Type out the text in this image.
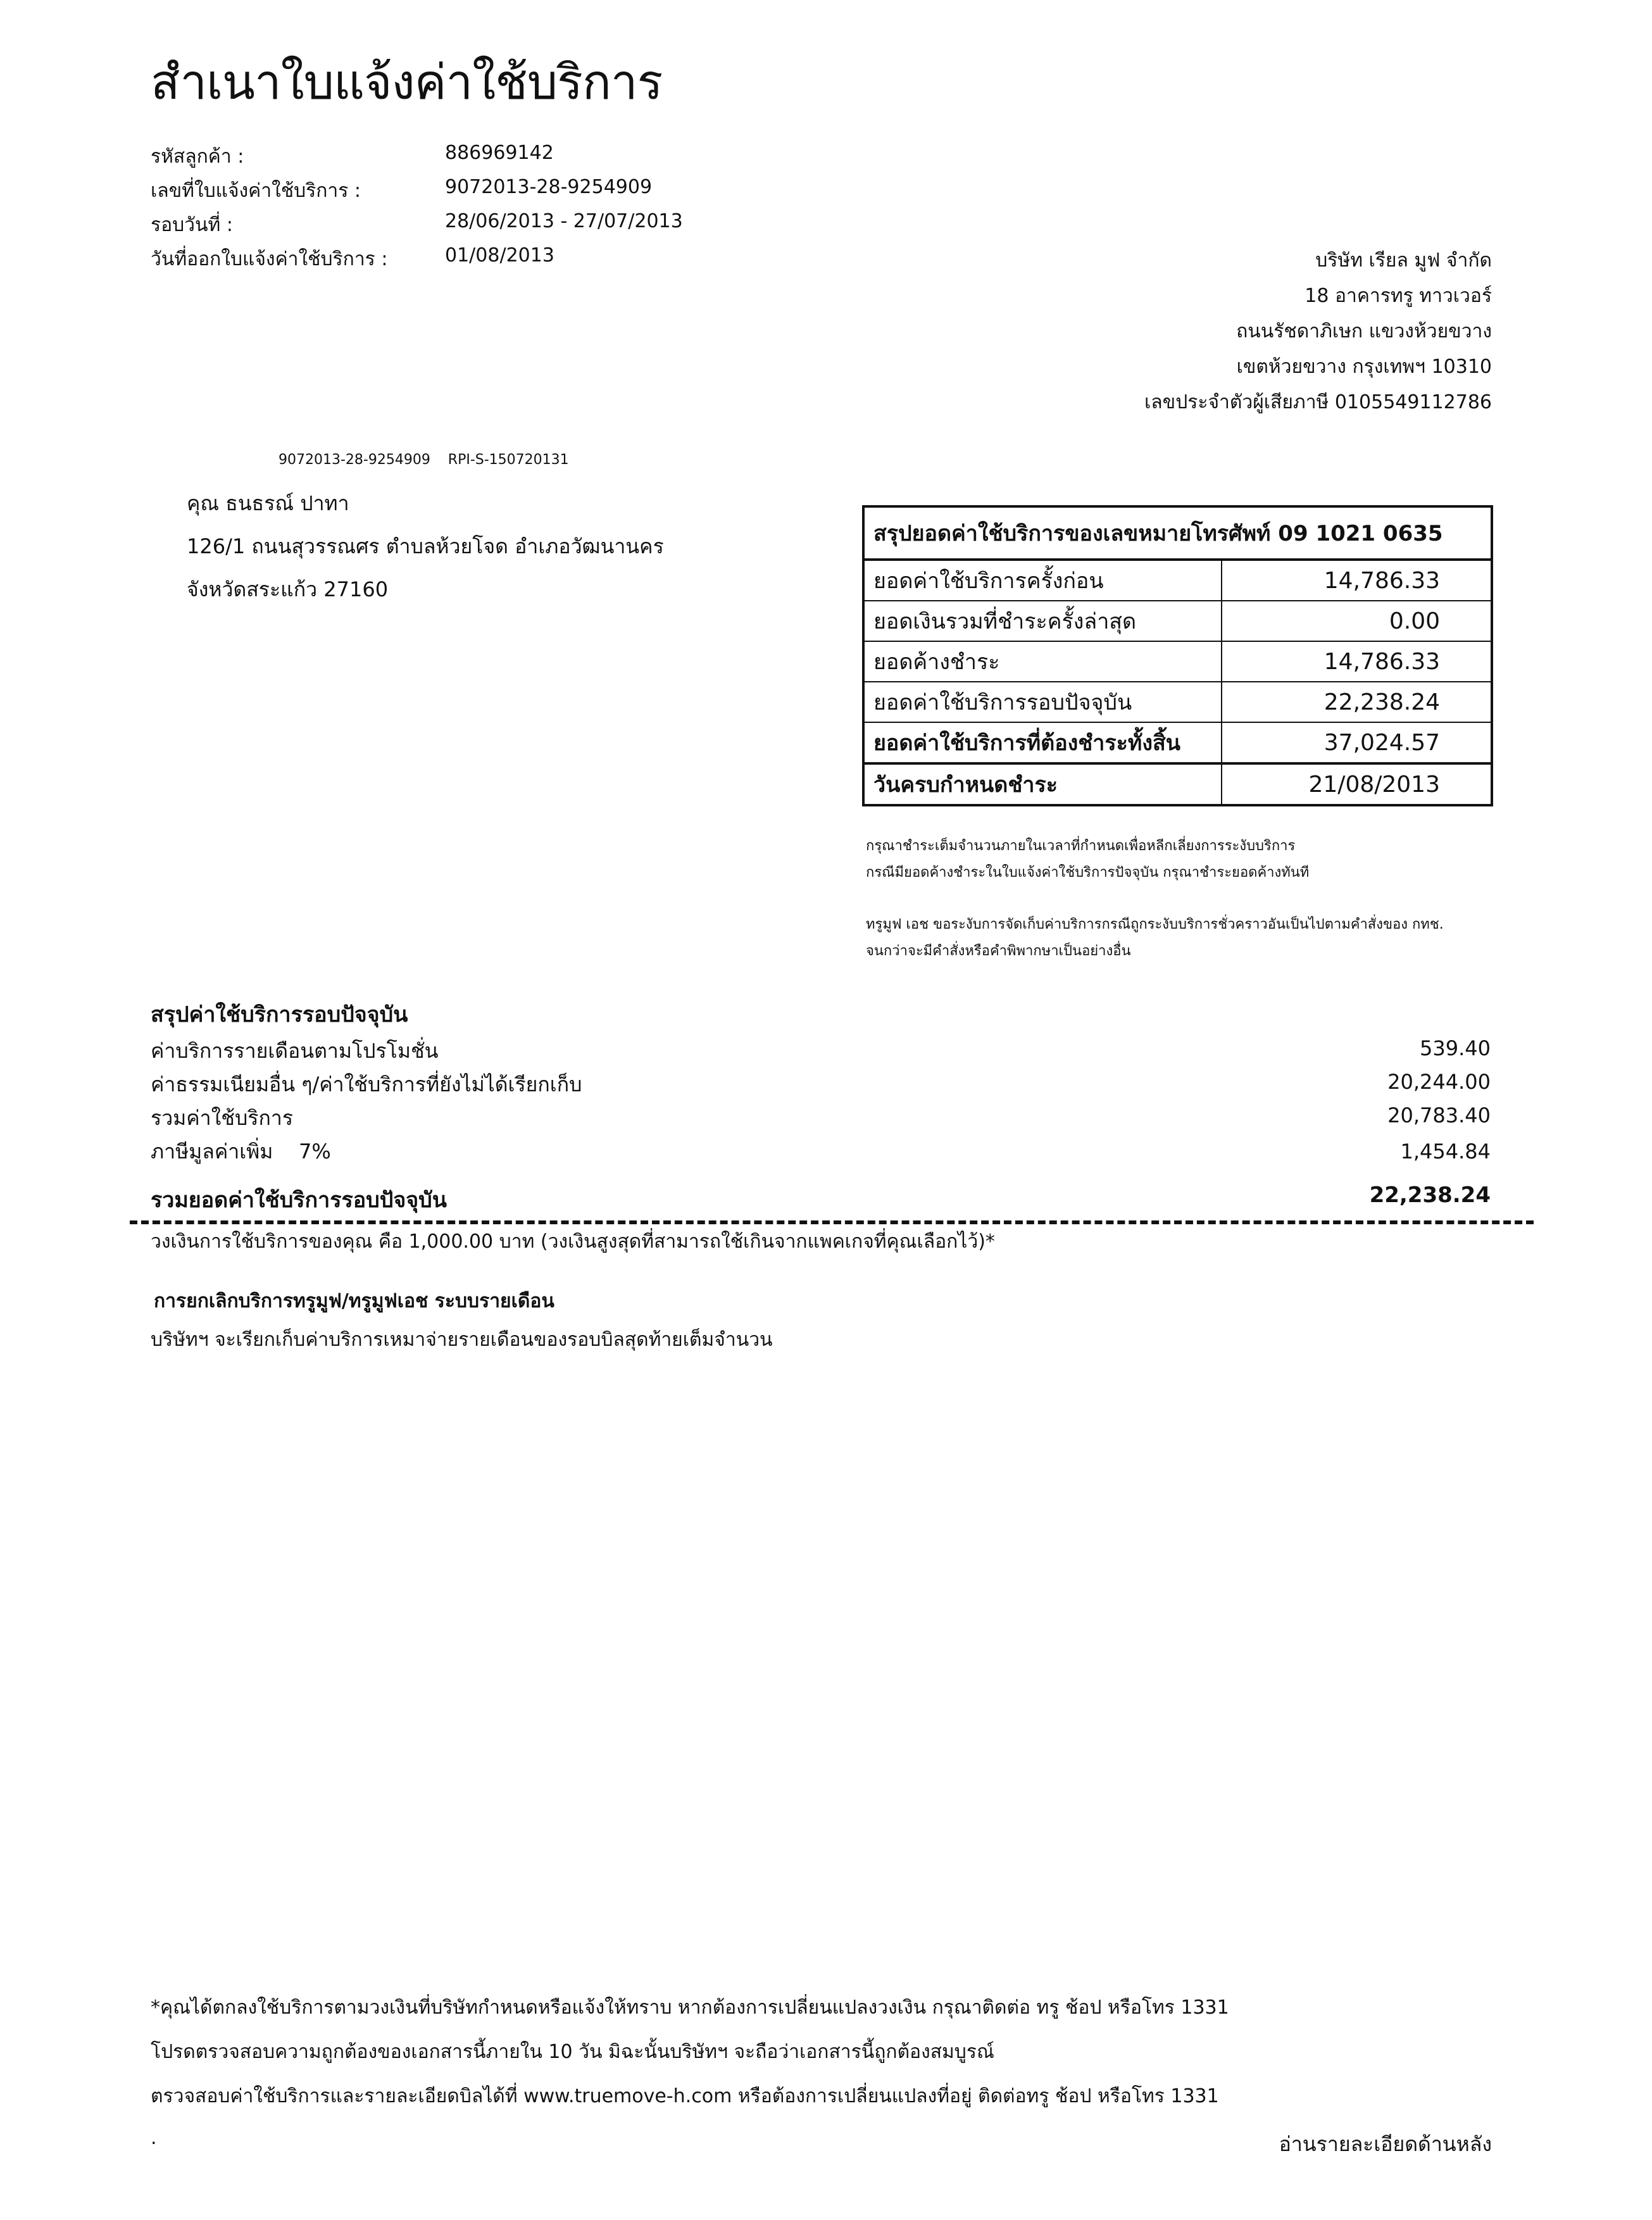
สำเนาใบแจ้งค่าใช้บริการ
รหัสลูกค้า :	886969142
เลขที่ใบแจ้งค่าใช้บริการ :	9072013-28-9254909
รอบวันที่ :	28/06/2013 - 27/07/2013
วันที่ออกใบแจ้งค่าใช้บริการ :	01/08/2013	บริษัท เรียล มูฟ จำกัด
18 อาคารทรู ทาวเวอร์
ถนนรัชดาภิเษก แขวงห้วยขวาง
เขตห้วยขวาง กรุงเทพฯ 10310
เลขประจำตัวผู้เสียภาษี 0105549112786
9072013-28-9254909    RPI-S-150720131
คุณ ธนธรณ์ ปาทา
126/1 ถนนสุวรรณศร ตำบลห้วยโจด อำเภอวัฒนานคร
จังหวัดสระแก้ว 27160
สรุปยอดค่าใช้บริการของเลขหมายโทรศัพท์ 09 1021 0635	
ยอดค่าใช้บริการครั้งก่อน	14,786.33
ยอดเงินรวมที่ชำระครั้งล่าสุด	0.00
ยอดค้างชำระ	14,786.33
ยอดค่าใช้บริการรอบปัจจุบัน	22,238.24
ยอดค่าใช้บริการที่ต้องชำระทั้งสิ้น	37,024.57
วันครบกำหนดชำระ	21/08/2013
กรุณาชำระเต็มจำนวนภายในเวลาที่กำหนดเพื่อหลีกเลี่ยงการระงับบริการ
กรณีมียอดค้างชำระในใบแจ้งค่าใช้บริการปัจจุบัน กรุณาชำระยอดค้างทันที
ทรูมูฟ เอช ขอระงับการจัดเก็บค่าบริการกรณีถูกระงับบริการชั่วคราวอันเป็นไปตามคำสั่งของ กทช.
จนกว่าจะมีคำสั่งหรือคำพิพากษาเป็นอย่างอื่น
สรุปค่าใช้บริการรอบปัจจุบัน
ค่าบริการรายเดือนตามโปรโมชั่น	539.40
ค่าธรรมเนียมอื่น ๆ/ค่าใช้บริการที่ยังไม่ได้เรียกเก็บ	20,244.00
รวมค่าใช้บริการ	20,783.40
ภาษีมูลค่าเพิ่ม    7%	1,454.84
รวมยอดค่าใช้บริการรอบปัจจุบัน	22,238.24
วงเงินการใช้บริการของคุณ คือ 1,000.00 บาท (วงเงินสูงสุดที่สามารถใช้เกินจากแพคเกจที่คุณเลือกไว้)*
การยกเลิกบริการทรูมูฟ/ทรูมูฟเอช ระบบรายเดือน
บริษัทฯ จะเรียกเก็บค่าบริการเหมาจ่ายรายเดือนของรอบบิลสุดท้ายเต็มจำนวน
*คุณได้ตกลงใช้บริการตามวงเงินที่บริษัทกำหนดหรือแจ้งให้ทราบ หากต้องการเปลี่ยนแปลงวงเงิน กรุณาติดต่อ ทรู ช้อป หรือโทร 1331
โปรดตรวจสอบความถูกต้องของเอกสารนี้ภายใน 10 วัน มิฉะนั้นบริษัทฯ จะถือว่าเอกสารนี้ถูกต้องสมบูรณ์
ตรวจสอบค่าใช้บริการและรายละเอียดบิลได้ที่ www.truemove-h.com หรือต้องการเปลี่ยนแปลงที่อยู่ ติดต่อทรู ช้อป หรือโทร 1331
.	อ่านรายละเอียดด้านหลัง
